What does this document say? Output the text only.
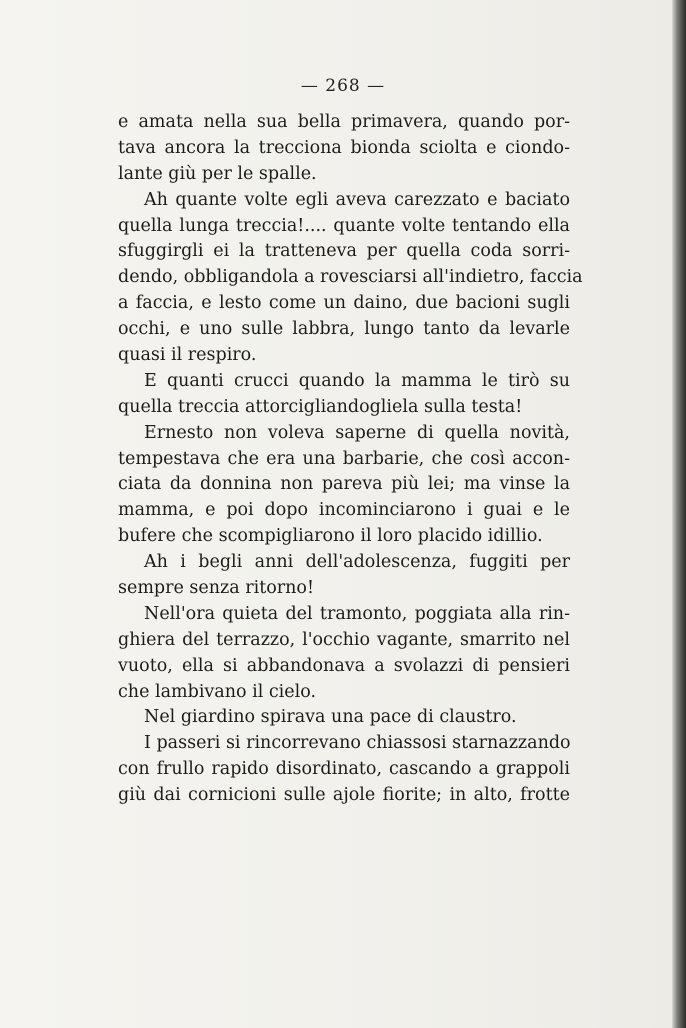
— 268 —
e amata nella sua bella primavera, quando por-
tava ancora la trecciona bionda sciolta e ciondo-
lante giù per le spalle.
Ah quante volte egli aveva carezzato e baciato
quella lunga treccia!.... quante volte tentando ella
sfuggirgli ei la tratteneva per quella coda sorri-
dendo, obbligandola a rovesciarsi all'indietro, faccia
a faccia, e lesto come un daino, due bacioni sugli
occhi, e uno sulle labbra, lungo tanto da levarle
quasi il respiro.
E quanti crucci quando la mamma le tirò su
quella treccia attorcigliandogliela sulla testa!
Ernesto non voleva saperne di quella novità,
tempestava che era una barbarie, che così accon-
ciata da donnina non pareva più lei; ma vinse la
mamma, e poi dopo incominciarono i guai e le
bufere che scompigliarono il loro placido idillio.
Ah i begli anni dell'adolescenza, fuggiti per
sempre senza ritorno!
Nell'ora quieta del tramonto, poggiata alla rin-
ghiera del terrazzo, l'occhio vagante, smarrito nel
vuoto, ella si abbandonava a svolazzi di pensieri
che lambivano il cielo.
Nel giardino spirava una pace di claustro.
I passeri si rincorrevano chiassosi starnazzando
con frullo rapido disordinato, cascando a grappoli
giù dai cornicioni sulle ajole fiorite; in alto, frotte
